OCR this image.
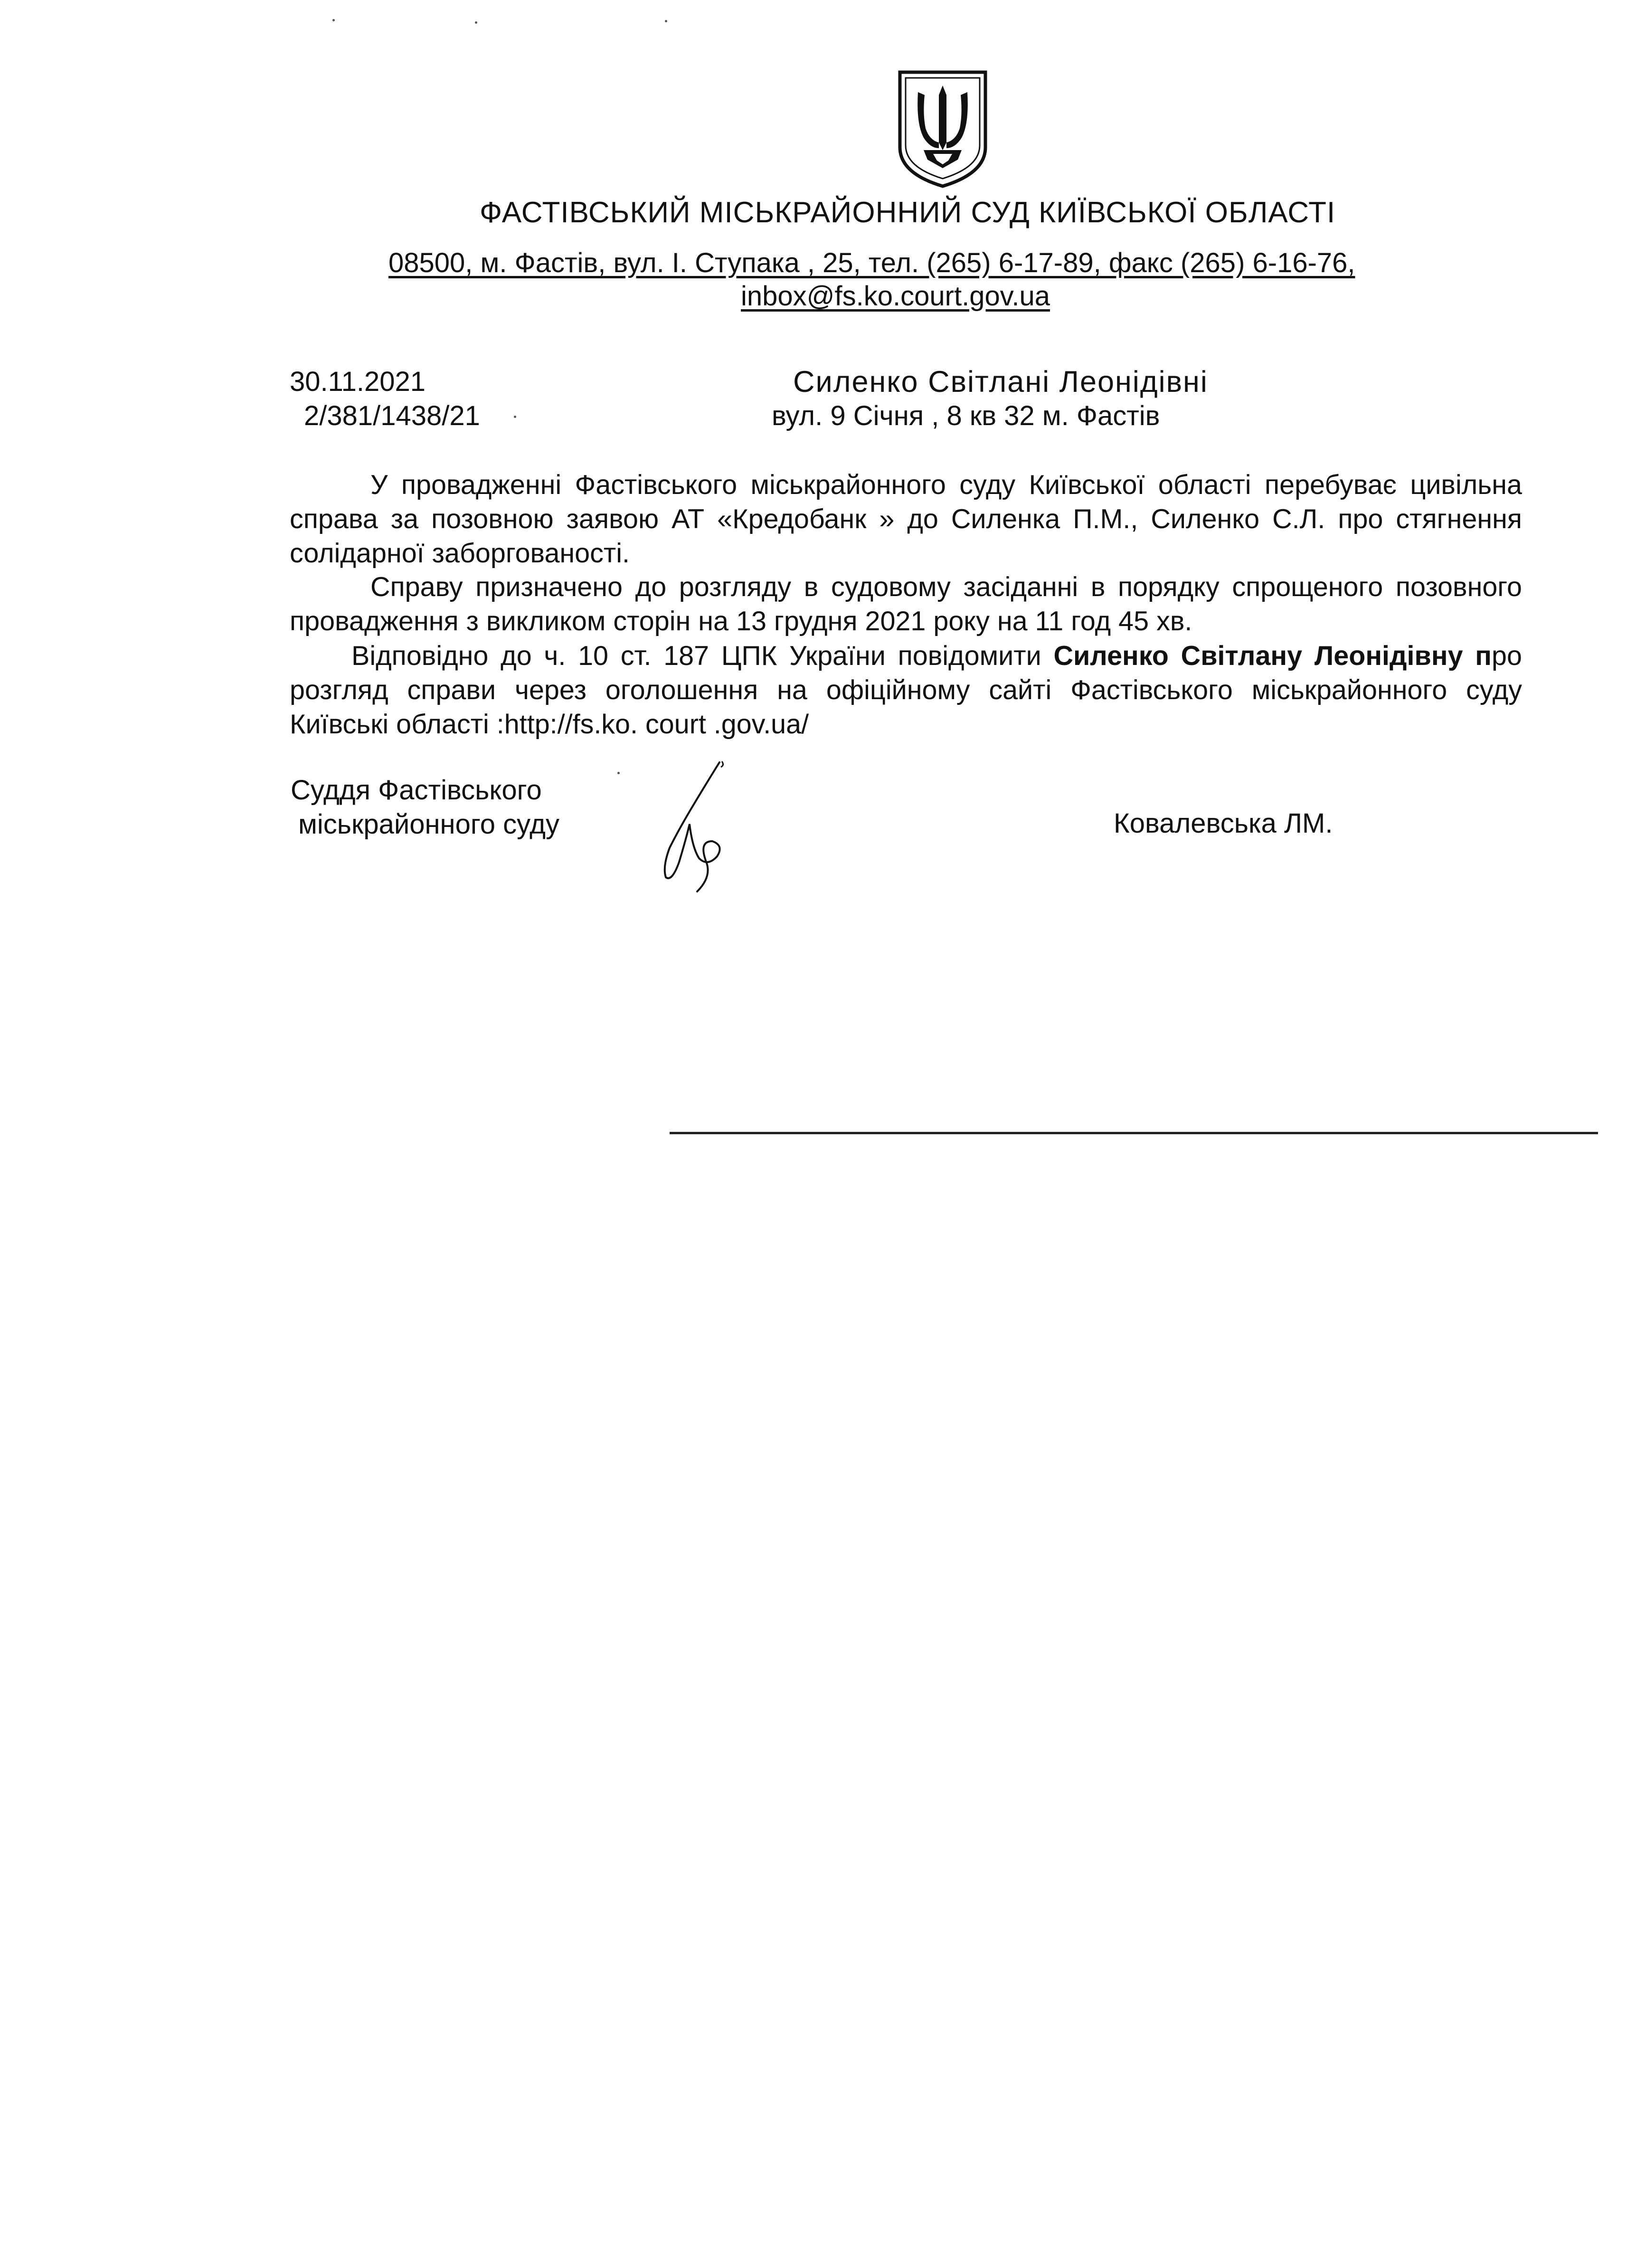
ФАСТІВСЬКИЙ МІСЬКРАЙОННИЙ СУД КИЇВСЬКОЇ ОБЛАСТІ
08500, м. Фастів, вул. І. Ступака , 25, тел. (265) 6-17-89, факс (265) 6-16-76,
inbox@fs.ko.court.gov.ua
30.11.2021
2/381/1438/21
Силенко Світлані Леонідівні
вул. 9 Січня , 8 кв 32 м. Фастів
У провадженні Фастівського міськрайонного суду Київської області перебуває цивільна справа за позовною заявою АТ «Кредобанк » до Силенка П.М., Силенко С.Л. про стягнення солідарної заборгованості.
Справу призначено до розгляду в судовому засіданні в порядку спрощеного позовного провадження з викликом сторін на 13 грудня 2021 року на 11 год 45 хв.
Відповідно до ч. 10 ст. 187 ЦПК України повідомити Силенко Світлану Леонідівну про розгляд справи через оголошення на офіційному сайті Фастівського міськрайонного суду Київські області :http://fs.ko. court .gov.ua/
Суддя Фастівського
міськрайонного суду	Ковалевська ЛМ.
